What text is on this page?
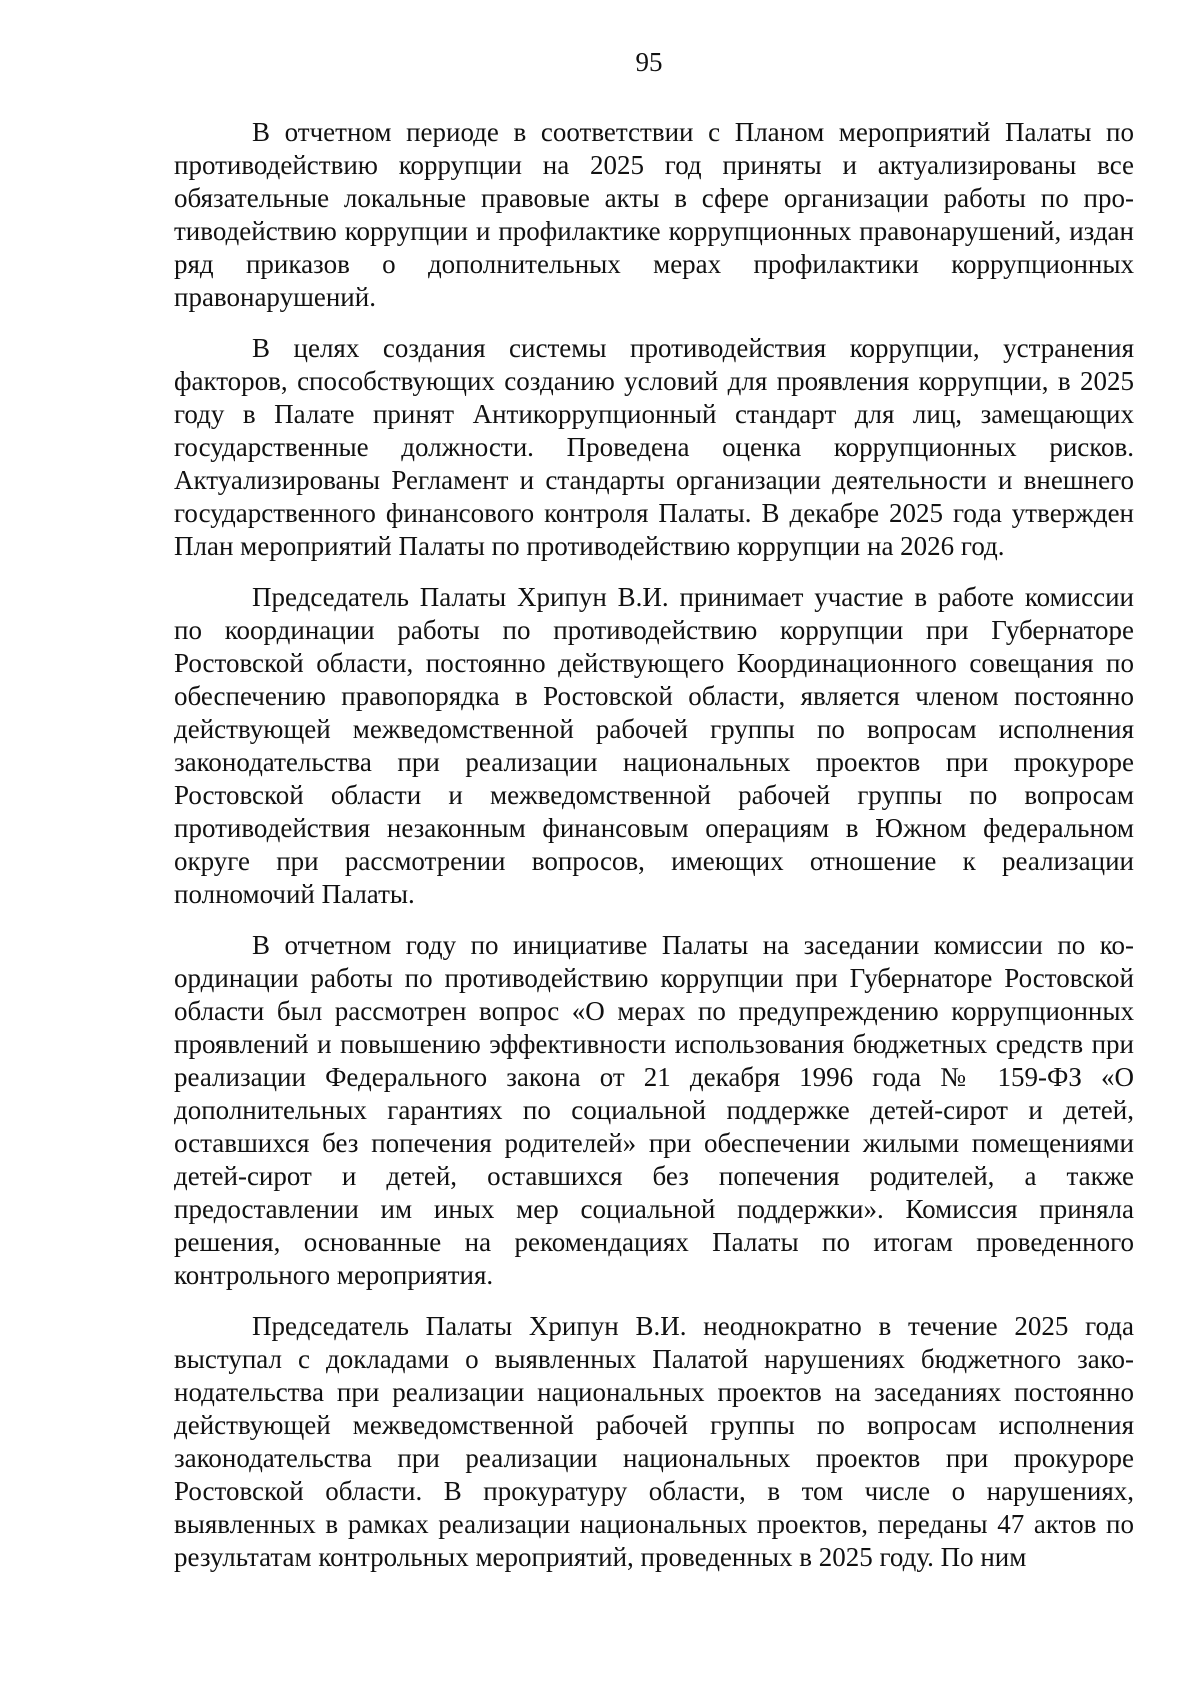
95

В отчетном периоде в соответствии с Планом мероприятий Палаты по противодействию коррупции на 2025 год приняты и актуализированы все обязательные локальные правовые акты в сфере организации работы по противодействию коррупции и профилактике коррупционных правонарушений, издан ряд приказов о дополнительных мерах профилактики коррупционных правонарушений.

В целях создания системы противодействия коррупции, устранения факторов, способствующих созданию условий для проявления коррупции, в 2025 году в Палате принят Антикоррупционный стандарт для лиц, замещающих государственные должности. Проведена оценка коррупционных рисков. Актуализированы Регламент и стандарты организации деятельности и внешнего государственного финансового контроля Палаты. В декабре 2025 года утвержден План мероприятий Палаты по противодействию коррупции на 2026 год.

Председатель Палаты Хрипун В.И. принимает участие в работе комиссии по координации работы по противодействию коррупции при Губернаторе Ростовской области, постоянно действующего Координационного совещания по обеспечению правопорядка в Ростовской области, является членом постоянно действующей межведомственной рабочей группы по вопросам исполнения законодательства при реализации национальных проектов при прокуроре Ростовской области и межведомственной рабочей группы по вопросам противодействия незаконным финансовым операциям в Южном федеральном округе при рассмотрении вопросов, имеющих отношение к реализации полномочий Палаты.

В отчетном году по инициативе Палаты на заседании комиссии по координации работы по противодействию коррупции при Губернаторе Ростовской области был рассмотрен вопрос «О мерах по предупреждению коррупционных проявлений и повышению эффективности использования бюджетных средств при реализации Федерального закона от 21 декабря 1996 года № 159-ФЗ «О дополнительных гарантиях по социальной поддержке детей-сирот и детей, оставшихся без попечения родителей» при обеспечении жилыми помещениями детей-сирот и детей, оставшихся без попечения родителей, а также предоставлении им иных мер социальной поддержки». Комиссия приняла решения, основанные на рекомендациях Палаты по итогам проведенного контрольного мероприятия.

Председатель Палаты Хрипун В.И. неоднократно в течение 2025 года выступал с докладами о выявленных Палатой нарушениях бюджетного законодательства при реализации национальных проектов на заседаниях постоянно действующей межведомственной рабочей группы по вопросам исполнения законодательства при реализации национальных проектов при прокуроре Ростовской области. В прокуратуру области, в том числе о нарушениях, выявленных в рамках реализации национальных проектов, переданы 47 актов по результатам контрольных мероприятий, проведенных в 2025 году. По ним
